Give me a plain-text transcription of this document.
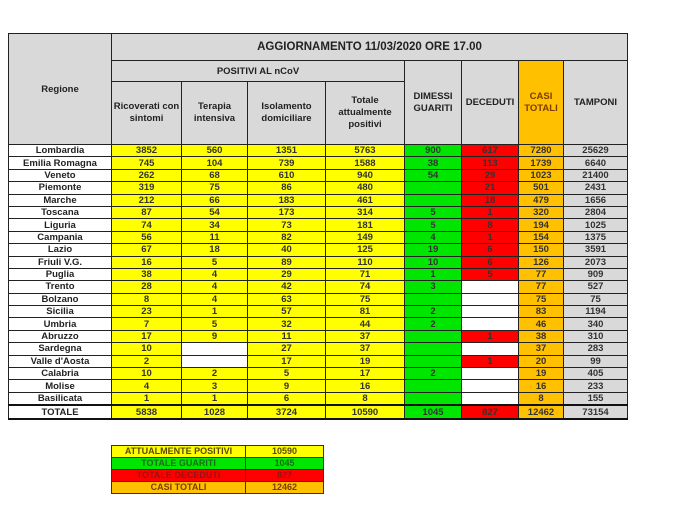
Regione	AGGIORNAMENTO 11/03/2020 ORE 17.00							
	POSITIVI AL nCoV				DIMESSI GUARITI	DECEDUTI	CASI TOTALI	TAMPONI
	Ricoverati con sintomi	Terapia intensiva	Isolamento domiciliare	Totale attualmente positivi				
Lombardia	3852	560	1351	5763	900	617	7280	25629
Emilia Romagna	745	104	739	1588	38	113	1739	6640
Veneto	262	68	610	940	54	29	1023	21400
Piemonte	319	75	86	480		21	501	2431
Marche	212	66	183	461		18	479	1656
Toscana	87	54	173	314	5	1	320	2804
Liguria	74	34	73	181	5	8	194	1025
Campania	56	11	82	149	4	1	154	1375
Lazio	67	18	40	125	19	6	150	3591
Friuli V.G.	16	5	89	110	10	6	126	2073
Puglia	38	4	29	71	1	5	77	909
Trento	28	4	42	74	3		77	527
Bolzano	8	4	63	75			75	75
Sicilia	23	1	57	81	2		83	1194
Umbria	7	5	32	44	2		46	340
Abruzzo	17	9	11	37		1	38	310
Sardegna	10		27	37			37	283
Valle d'Aosta	2		17	19		1	20	99
Calabria	10	2	5	17	2		19	405
Molise	4	3	9	16			16	233
Basilicata	1	1	6	8			8	155
TOTALE	5838	1028	3724	10590	1045	827	12462	73154
ATTUALMENTE POSITIVI	10590
TOTALE GUARITI	1045
TOTALE DECEDUTI	827
CASI TOTALI	12462
